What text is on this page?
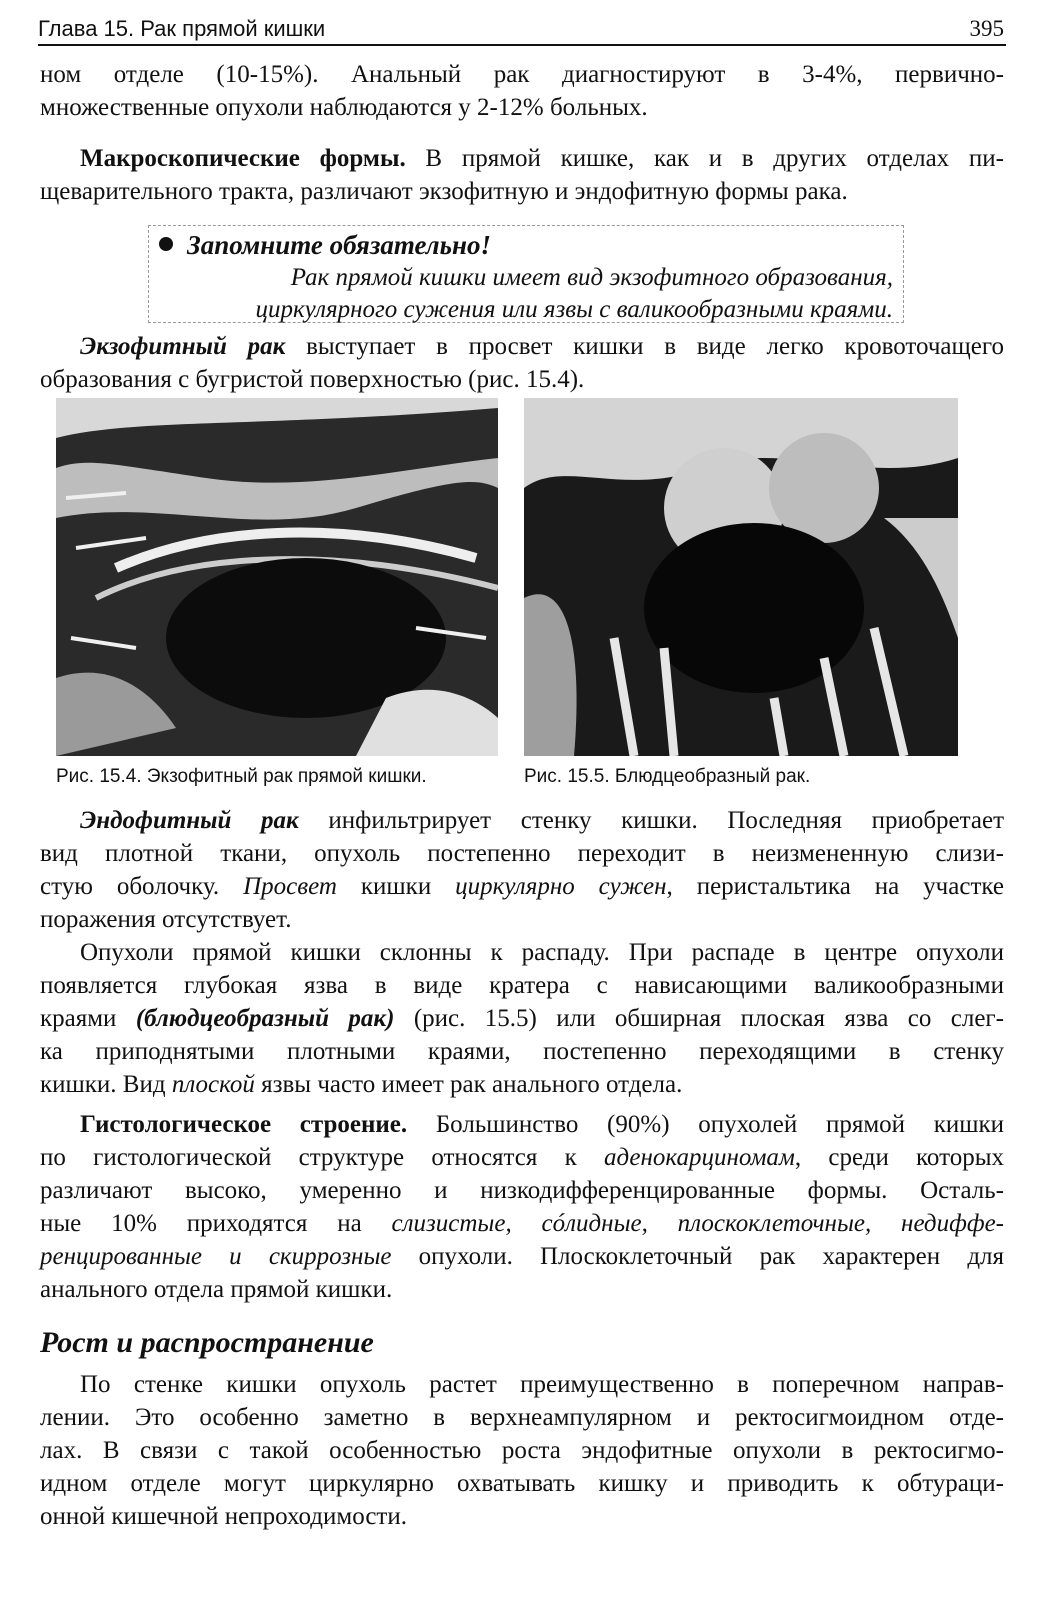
Глава 15. Рак прямой кишки	395

ном отделе (10-15%). Анальный рак диагностируют в 3-4%, первично-
множественные опухоли наблюдаются у 2-12% больных.

Макроскопические формы. В прямой кишке, как и в других отделах пи-
щеварительного тракта, различают экзофитную и эндофитную формы рака.

Запомните обязательно!
Рак прямой кишки имеет вид экзофитного образования,
циркулярного сужения или язвы с валикообразными краями.

Экзофитный рак выступает в просвет кишки в виде легко кровоточащего
образования с бугристой поверхностью (рис. 15.4).

Рис. 15.4. Экзофитный рак прямой кишки.	Рис. 15.5. Блюдцеобразный рак.

Эндофитный рак инфильтрирует стенку кишки. Последняя приобретает
вид плотной ткани, опухоль постепенно переходит в неизмененную слизи-
стую оболочку. Просвет кишки циркулярно сужен, перистальтика на участке
поражения отсутствует.

Опухоли прямой кишки склонны к распаду. При распаде в центре опухоли
появляется глубокая язва в виде кратера с нависающими валикообразными
краями (блюдцеобразный рак) (рис. 15.5) или обширная плоская язва со слег-
ка приподнятыми плотными краями, постепенно переходящими в стенку
кишки. Вид плоской язвы часто имеет рак анального отдела.

Гистологическое строение. Большинство (90%) опухолей прямой кишки
по гистологической структуре относятся к аденокарциномам, среди которых
различают высоко, умеренно и низкодифференцированные формы. Осталь-
ные 10% приходятся на слизистые, сóлидные, плоскоклеточные, недиффе-
ренцированные и скиррозные опухоли. Плоскоклеточный рак характерен для
анального отдела прямой кишки.

Рост и распространение

По стенке кишки опухоль растет преимущественно в поперечном направ-
лении. Это особенно заметно в верхнеампулярном и ректосигмоидном отде-
лах. В связи с такой особенностью роста эндофитные опухоли в ректосигмо-
идном отделе могут циркулярно охватывать кишку и приводить к обтураци-
онной кишечной непроходимости.
